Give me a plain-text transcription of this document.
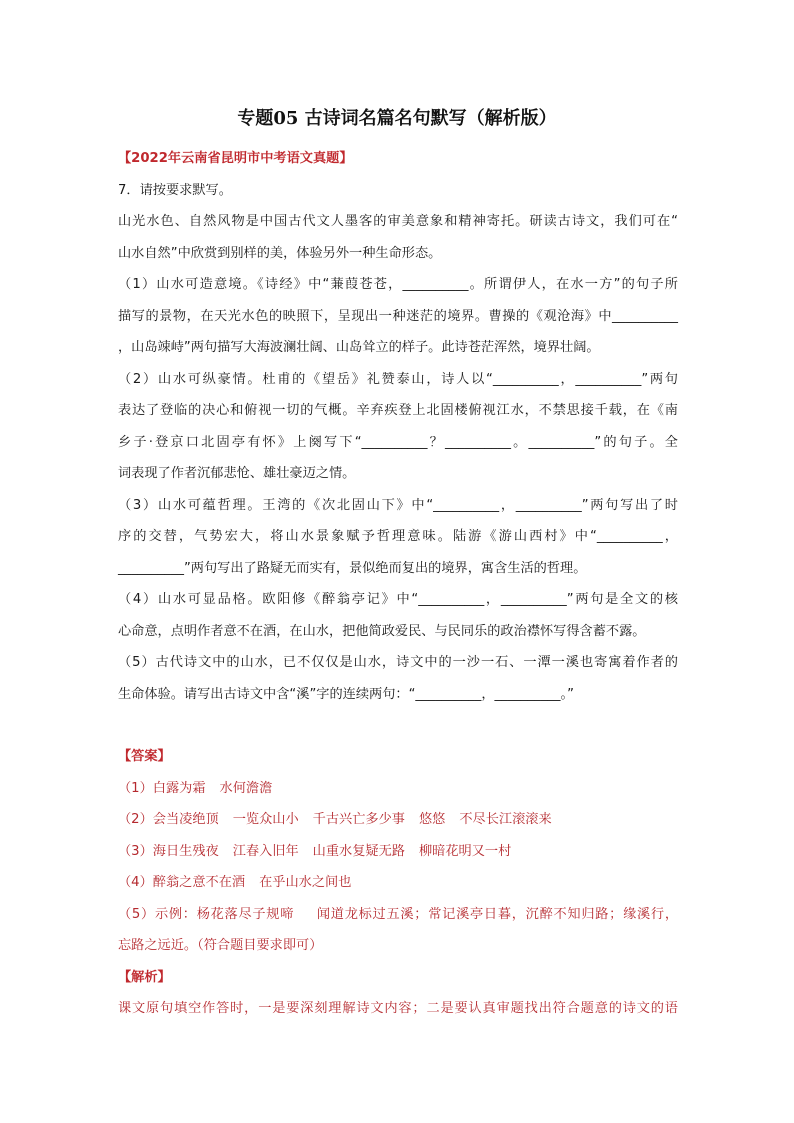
专题05 古诗词名篇名句默写（解析版）
【2022年云南省昆明市中考语文真题】
7．请按要求默写。
山光水色、自然风物是中国古代文人墨客的审美意象和精神寄托。研读古诗文，我们可在“
山水自然”中欣赏到别样的美，体验另外一种生命形态。
（1）山水可造意境。《诗经》中“蒹葭苍苍，__________。所谓伊人，在水一方”的句子所
描写的景物，在天光水色的映照下，呈现出一种迷茫的境界。曹操的《观沧海》中__________
，山岛竦峙”两句描写大海波澜壮阔、山岛耸立的样子。此诗苍茫浑然，境界壮阔。
（2）山水可纵豪情。杜甫的《望岳》礼赞泰山，诗人以“__________，__________”两句
表达了登临的决心和俯视一切的气概。辛弃疾登上北固楼俯视江水，不禁思接千载，在《南
乡子·登京口北固亭有怀》上阕写下“__________？__________。__________”的句子。全
词表现了作者沉郁悲怆、雄壮豪迈之情。
（3）山水可蕴哲理。王湾的《次北固山下》中“__________，__________”两句写出了时
序的交替，气势宏大，将山水景象赋予哲理意味。陆游《游山西村》中“__________，
__________”两句写出了路疑无而实有，景似绝而复出的境界，寓含生活的哲理。
（4）山水可显品格。欧阳修《醉翁亭记》中“__________，__________”两句是全文的核
心命意，点明作者意不在酒，在山水，把他简政爱民、与民同乐的政治襟怀写得含蓄不露。
（5）古代诗文中的山水，已不仅仅是山水，诗文中的一沙一石、一潭一溪也寄寓着作者的
生命体验。请写出古诗文中含“溪”字的连续两句：“__________，__________。”
【答案】
（1）白露为霜 水何澹澹
（2）会当凌绝顶 一览众山小 千古兴亡多少事 悠悠 不尽长江滚滚来
（3）海日生残夜 江春入旧年 山重水复疑无路 柳暗花明又一村
（4）醉翁之意不在酒 在乎山水之间也
（5）示例：杨花落尽子规啼 闻道龙标过五溪；常记溪亭日暮，沉醉不知归路；缘溪行，
忘路之远近。（符合题目要求即可）
【解析】
课文原句填空作答时，一是要深刻理解诗文内容；二是要认真审题找出符合题意的诗文的语
